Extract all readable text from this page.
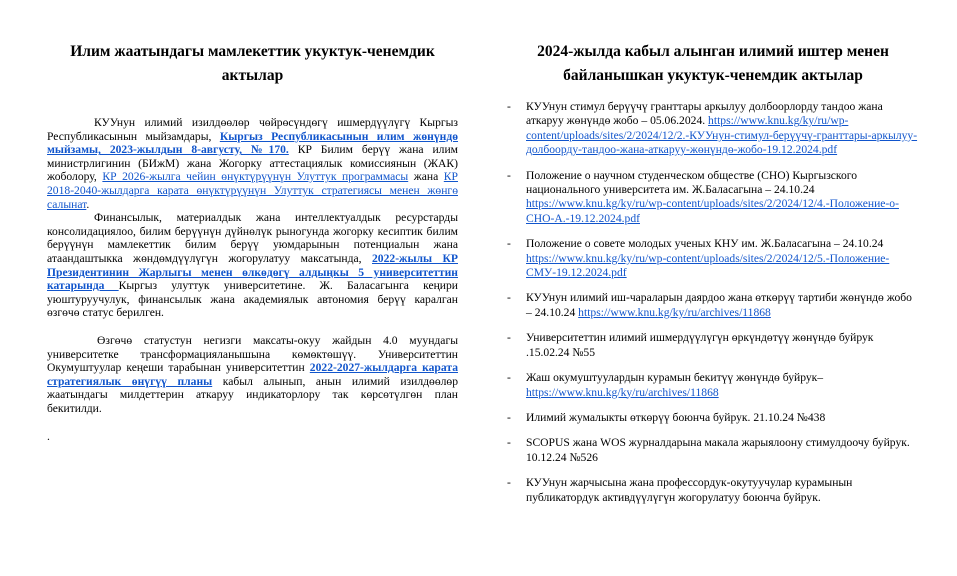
Илим жаатындагы мамлекеттик укуктук-ченемдик актылар

КУУнун илимий изилдөөлөр чөйрөсүндөгү ишмердүүлүгү Кыргыз Республикасынын мыйзамдары, Кыргыз Республикасынын илим жөнүндө мыйзамы, 2023-жылдын 8-августу, №170. КР Билим берүү жана илим министрлигинин (БИжМ) жана Жогорку аттестациялык комиссиянын (ЖАК) жоболору, КР 2026-жылга чейин өнүктүрүүнүн Улуттук программасы жана КР 2018-2040-жылдарга карата өнүктүрүүнүн Улуттук стратегиясы менен жөнгө салынат.

Финансылык, материалдык жана интеллектуалдык ресурстарды консолидациялоо, билим берүүнүн дүйнөлүк рыногунда жогорку кесиптик билим берүүнүн мамлекеттик билим берүү уюмдарынын потенциалын жана атаандаштыкка жөндөмдүүлүгүн жогорулатуу максатында, 2022-жылы КР Президентинин Жарлыгы менен өлкөдөгү алдыңкы 5 университеттин катарында Кыргыз улуттук университетине. Ж. Баласагынга кеңири уюштуруучулук, финансылык жана академиялык автономия берүү каралган өзгөчө статус берилген.

Өзгөчө статустун негизги максаты-окуу жайдын 4.0 муундагы университетке трансформацияланышына көмөктөшүү. Университеттин Окумуштуулар кеңеши тарабынан университеттин 2022-2027-жылдарга карата стратегиялык өнүгүү планы кабыл алынып, анын илимий изилдөөлөр жаатындагы милдеттерин аткаруу индикаторлору так көрсөтүлгөн план бекитилди.

.

2024-жылда кабыл алынган илимий иштер менен байланышкан укуктук-ченемдик актылар
- КУУнун стимул берүүчү гранттары аркылуу долбоорлорду тандоо жана аткаруу жөнүндө жобо – 05.06.2024. https://www.knu.kg/ky/ru/wp-content/uploads/sites/2/2024/12/2.-КУУнун-стимул-берүүчү-гранттары-аркылуу-долбоорду-тандоо-жана-аткаруу-жөнүндө-жобо-19.12.2024.pdf
- Положение о научном студенческом обществе (СНО) Кыргызского национального университета им. Ж.Баласагына – 24.10.24 https://www.knu.kg/ky/ru/wp-content/uploads/sites/2/2024/12/4.-Положение-о-СНО-А.-19.12.2024.pdf
- Положение о совете молодых ученых КНУ им. Ж.Баласагына – 24.10.24 https://www.knu.kg/ky/ru/wp-content/uploads/sites/2/2024/12/5.-Положение-СМУ-19.12.2024.pdf
- КУУнун илимий иш-чараларын даярдоо жана өткөрүү тартиби жөнүндө жобо – 24.10.24 https://www.knu.kg/ky/ru/archives/11868
- Университеттин илимий ишмердүүлүгүн өркүндөтүү жөнүндө буйрук .15.02.24 №55
- Жаш окумуштуулардын курамын бекитүү жөнүндө буйрук– https://www.knu.kg/ky/ru/archives/11868
- Илимий жумалыкты өткөрүү боюнча буйрук. 21.10.24 №438
- SCOPUS жана WOS журналдарына макала жарыялоону стимулдоочу буйрук. 10.12.24 №526
- КУУнун жарчысына жана профессордук-окутуучулар курамынын публикатордук активдүүлүгүн жогорулатуу боюнча буйрук.
